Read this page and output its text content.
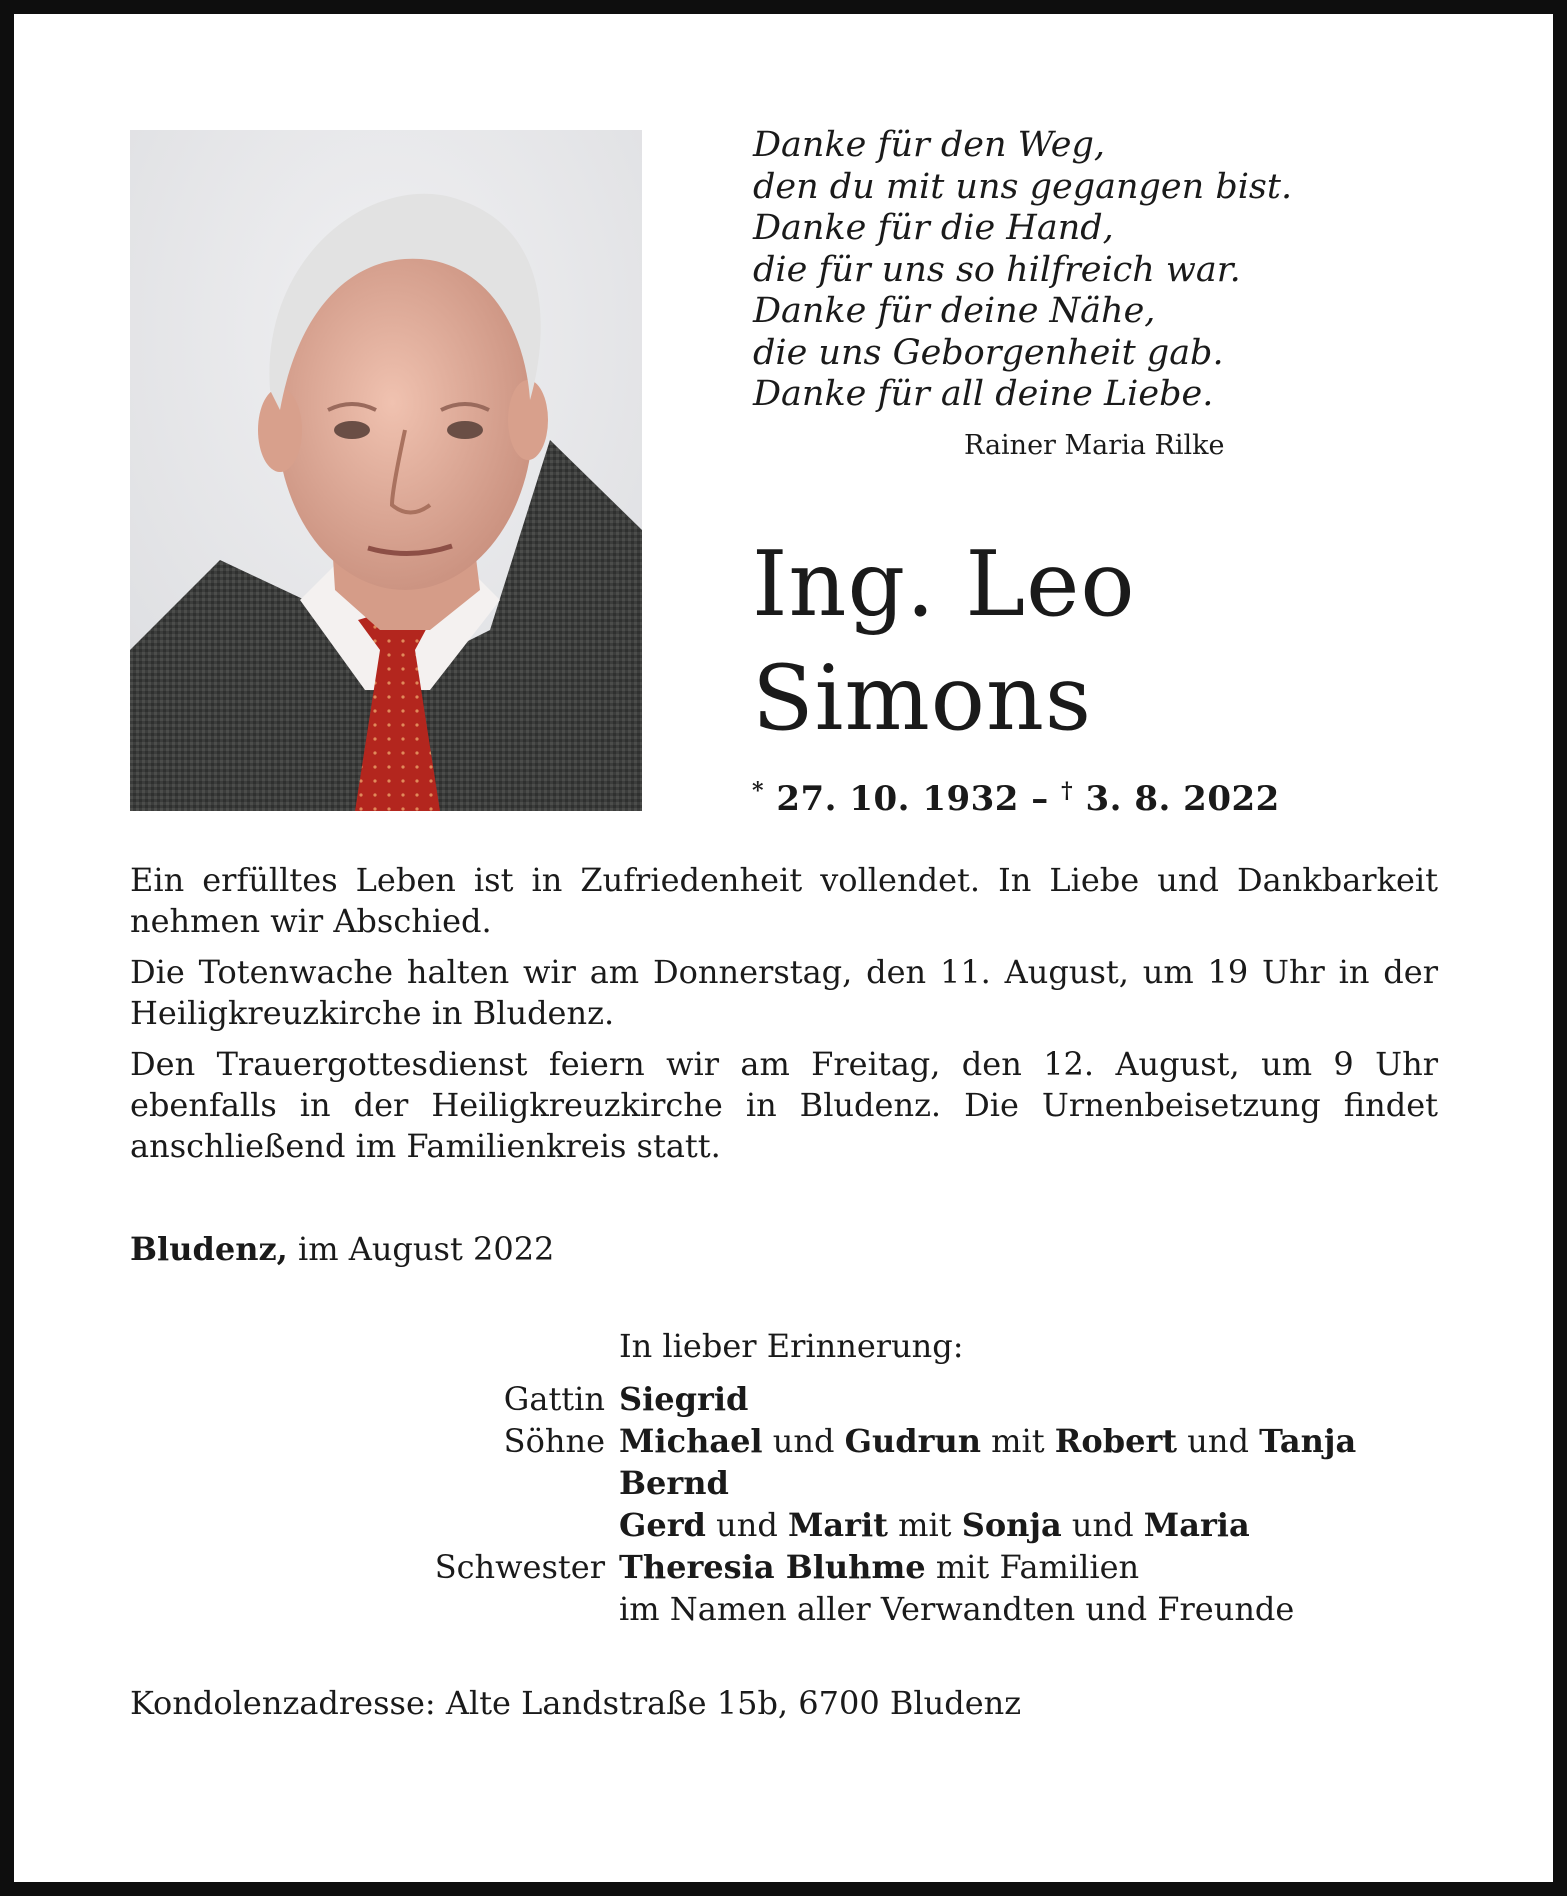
Danke für den Weg,
den du mit uns gegangen bist.
Danke für die Hand,
die für uns so hilfreich war.
Danke für deine Nähe,
die uns Geborgenheit gab.
Danke für all deine Liebe.
Rainer Maria Rilke
Ing. Leo
Simons
* 27. 10. 1932 – † 3. 8. 2022

Ein erfülltes Leben ist in Zufriedenheit vollendet. In Liebe und Dankbarkeit nehmen wir Abschied.

Die Totenwache halten wir am Donnerstag, den 11. August, um 19 Uhr in der Heiligkreuzkirche in Bludenz.

Den Trauergottesdienst feiern wir am Freitag, den 12. August, um 9 Uhr ebenfalls in der Heiligkreuzkirche in Bludenz. Die Urnenbeisetzung findet anschließend im Familienkreis statt.

Bludenz, im August 2022
In lieber Erinnerung:
Gattin Siegrid
Söhne Michael und Gudrun mit Robert und Tanja
Bernd
Gerd und Marit mit Sonja und Maria
Schwester Theresia Bluhme mit Familien
im Namen aller Verwandten und Freunde
Kondolenzadresse: Alte Landstraße 15b, 6700 Bludenz
